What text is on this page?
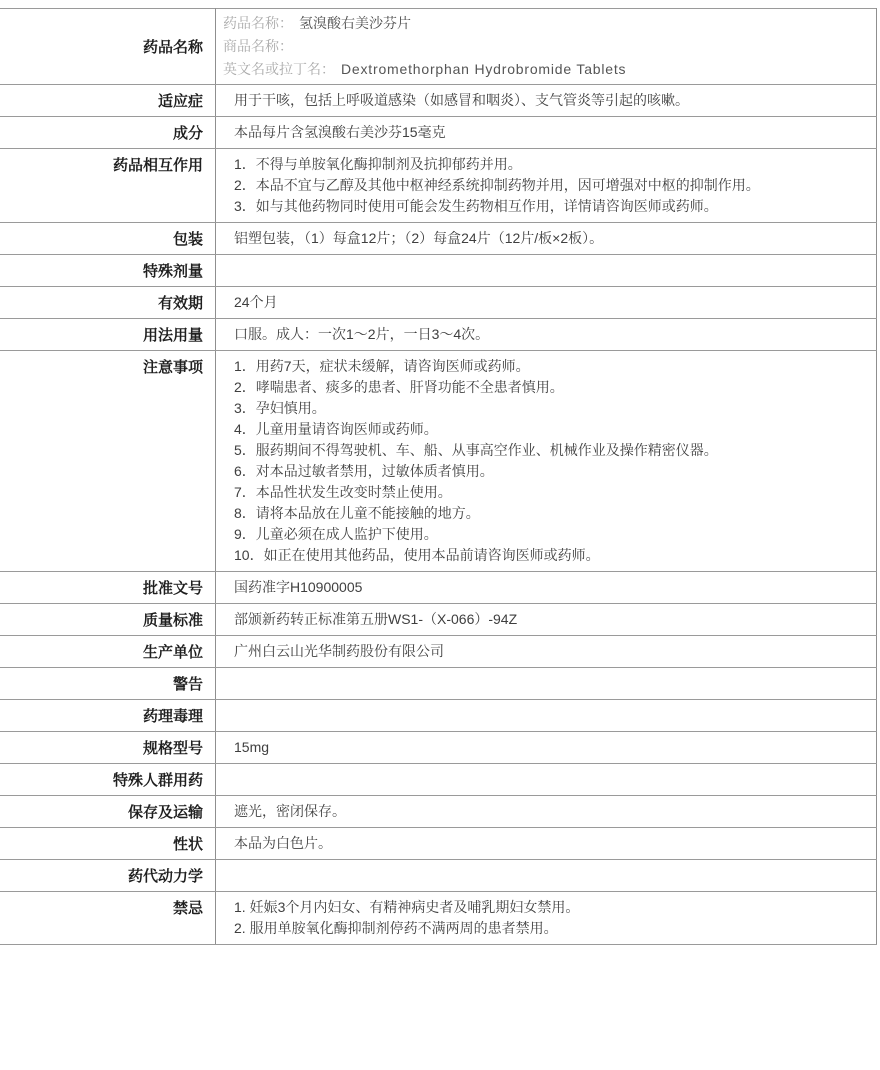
药品名称	药品名称： 氢溴酸右美沙芬片
商品名称：
英文名或拉丁名： Dextromethorphan Hydrobromide Tablets

适应症	用于干咳，包括上呼吸道感染（如感冒和咽炎）、支气管炎等引起的咳嗽。

成分	本品每片含氢溴酸右美沙芬15毫克

药品相互作用	1．不得与单胺氧化酶抑制剂及抗抑郁药并用。
2．本品不宜与乙醇及其他中枢神经系统抑制药物并用，因可增强对中枢的抑制作用。
3．如与其他药物同时使用可能会发生药物相互作用，详情请咨询医师或药师。

包装	铝塑包装，（1）每盒12片；（2）每盒24片（12片/板×2板）。

特殊剂量	
有效期	24个月

用法用量	口服。成人：一次1～2片，一日3～4次。

注意事项	1．用药7天，症状未缓解，请咨询医师或药师。
2．哮喘患者、痰多的患者、肝肾功能不全患者慎用。
3．孕妇慎用。
4．儿童用量请咨询医师或药师。
5．服药期间不得驾驶机、车、船、从事高空作业、机械作业及操作精密仪器。
6．对本品过敏者禁用，过敏体质者慎用。
7．本品性状发生改变时禁止使用。
8．请将本品放在儿童不能接触的地方。
9．儿童必须在成人监护下使用。
10．如正在使用其他药品，使用本品前请咨询医师或药师。

批准文号	国药准字H10900005

质量标准	部颁新药转正标准第五册WS1-（X-066）-94Z

生产单位	广州白云山光华制药股份有限公司

警告	
药理毒理	
规格型号	15mg

特殊人群用药	
保存及运输	遮光，密闭保存。

性状	本品为白色片。

药代动力学	
禁忌	1. 妊娠3个月内妇女、有精神病史者及哺乳期妇女禁用。
2. 服用单胺氧化酶抑制剂停药不满两周的患者禁用。
